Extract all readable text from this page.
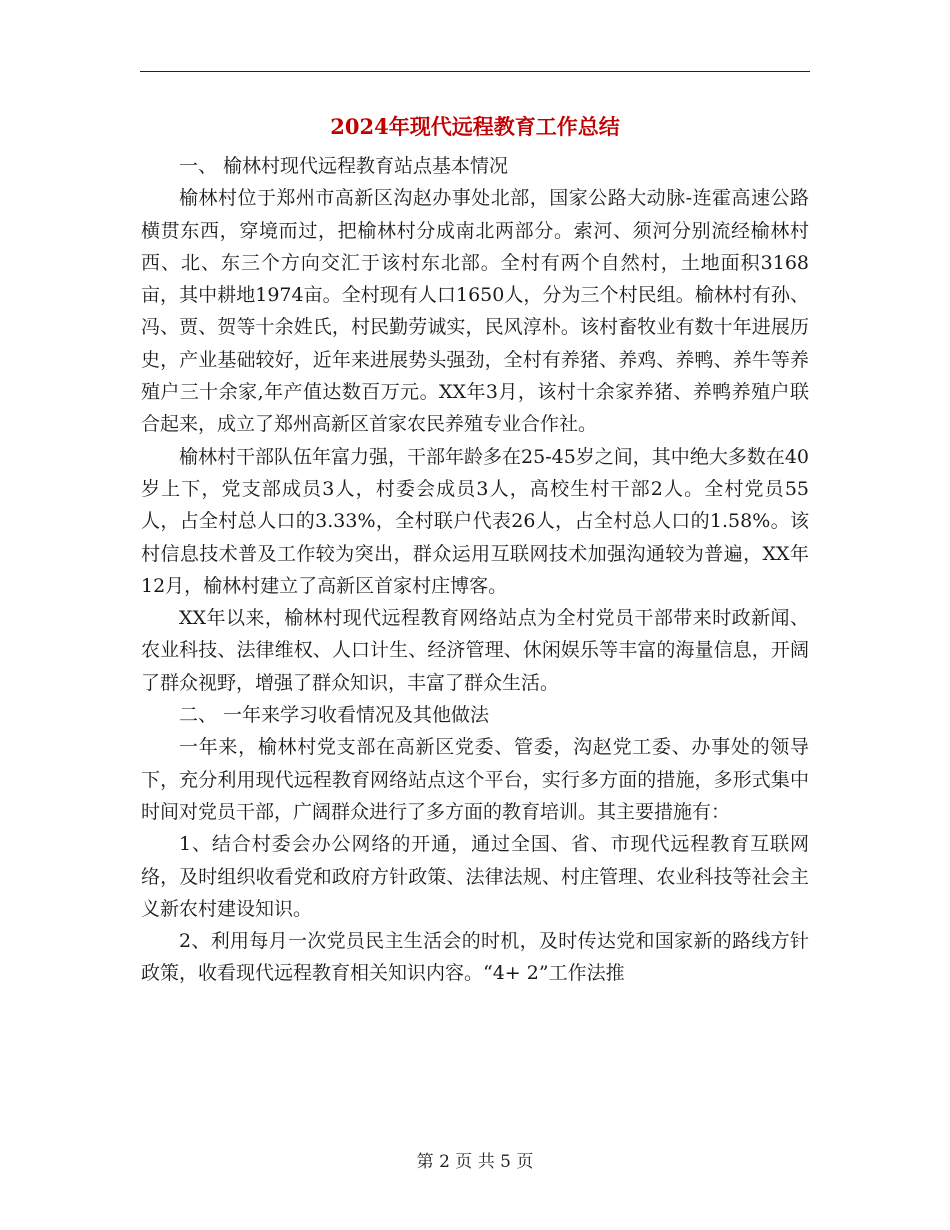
2024年现代远程教育工作总结

一、 榆林村现代远程教育站点基本情况

榆林村位于郑州市高新区沟赵办事处北部，国家公路大动脉-连霍高速公路横贯东西，穿境而过，把榆林村分成南北两部分。索河、须河分别流经榆林村西、北、东三个方向交汇于该村东北部。全村有两个自然村，土地面积3168亩，其中耕地1974亩。全村现有人口1650人，分为三个村民组。榆林村有孙、冯、贾、贺等十余姓氏，村民勤劳诚实，民风淳朴。该村畜牧业有数十年进展历史，产业基础较好，近年来进展势头强劲，全村有养猪、养鸡、养鸭、养牛等养殖户三十余家,年产值达数百万元。XX年3月，该村十余家养猪、养鸭养殖户联合起来，成立了郑州高新区首家农民养殖专业合作社。

榆林村干部队伍年富力强，干部年龄多在25-45岁之间，其中绝大多数在40岁上下，党支部成员3人，村委会成员3人，高校生村干部2人。全村党员55人，占全村总人口的3.33%，全村联户代表26人，占全村总人口的1.58%。该村信息技术普及工作较为突出，群众运用互联网技术加强沟通较为普遍，XX年12月，榆林村建立了高新区首家村庄博客。

XX年以来，榆林村现代远程教育网络站点为全村党员干部带来时政新闻、农业科技、法律维权、人口计生、经济管理、休闲娱乐等丰富的海量信息，开阔了群众视野，增强了群众知识，丰富了群众生活。

二、 一年来学习收看情况及其他做法

一年来，榆林村党支部在高新区党委、管委，沟赵党工委、办事处的领导下，充分利用现代远程教育网络站点这个平台，实行多方面的措施，多形式集中时间对党员干部，广阔群众进行了多方面的教育培训。其主要措施有：

1、结合村委会办公网络的开通，通过全国、省、市现代远程教育互联网络，及时组织收看党和政府方针政策、法律法规、村庄管理、农业科技等社会主义新农村建设知识。

2、利用每月一次党员民主生活会的时机，及时传达党和国家新的路线方针政策，收看现代远程教育相关知识内容。“4+ 2”工作法推

第 2 页 共 5 页
